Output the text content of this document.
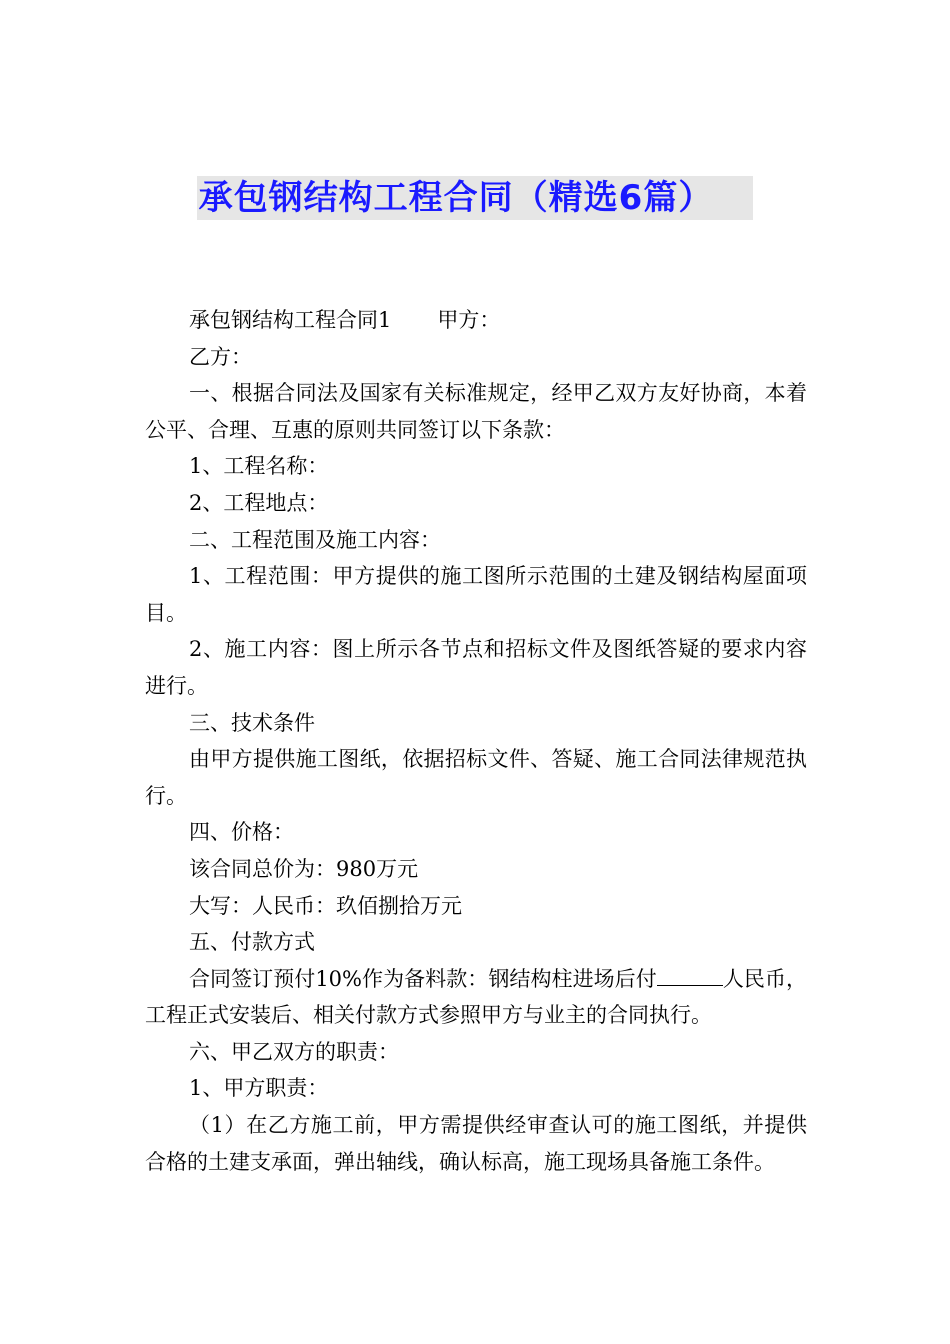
承包钢结构工程合同（精选6篇）

承包钢结构工程合同1 甲方：

乙方：

一、根据合同法及国家有关标准规定，经甲乙双方友好协商，本着公平、合理、互惠的原则共同签订以下条款：

1、工程名称：

2、工程地点：

二、工程范围及施工内容：

1、工程范围：甲方提供的施工图所示范围的土建及钢结构屋面项目。

2、施工内容：图上所示各节点和招标文件及图纸答疑的要求内容进行。

三、技术条件

由甲方提供施工图纸，依据招标文件、答疑、施工合同法律规范执行。

四、价格：

该合同总价为：980万元

大写：人民币：玖佰捌拾万元

五、付款方式

合同签订预付10%作为备料款：钢结构柱进场后付	人民币，工程正式安装后、相关付款方式参照甲方与业主的合同执行。

六、甲乙双方的职责：

1、甲方职责：

（1）在乙方施工前，甲方需提供经审查认可的施工图纸，并提供合格的土建支承面，弹出轴线，确认标高，施工现场具备施工条件。
